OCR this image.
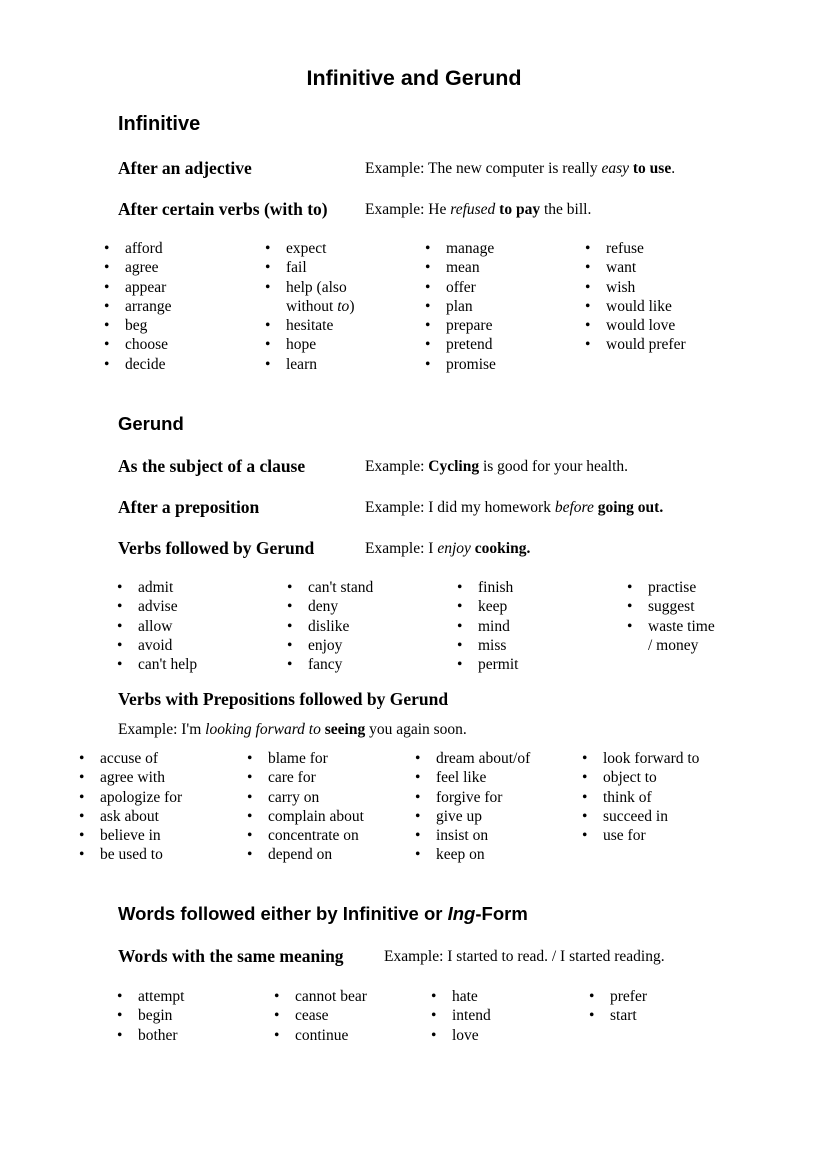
Infinitive and Gerund
Infinitive
After an adjective	Example: The new computer is really easy to use.
After certain verbs (with to) Example: He refused to pay the bill.
• afford
• agree
• appear
• arrange
• beg
• choose
• decide
• expect
• fail
• help (also
without to)
• hesitate
• hope
• learn
• manage
• mean
• offer
• plan
• prepare
• pretend
• promise
• refuse
• want
• wish
• would like
• would love
• would prefer
Gerund
As the subject of a clause	Example: Cycling is good for your health.
After a preposition	Example: I did my homework before going out.
Verbs followed by Gerund	Example: I enjoy cooking.
• admit
• advise
• allow
• avoid
• can't help
• can't stand
• deny
• dislike
• enjoy
• fancy
• finish
• keep
• mind
• miss
• permit
• practise
• suggest
• waste time
/ money
Verbs with Prepositions followed by Gerund
Example: I'm looking forward to seeing you again soon.
• accuse of
• agree with
• apologize for
• ask about
• believe in
• be used to
• blame for
• care for
• carry on
• complain about
• concentrate on
• depend on
• dream about/of
• feel like
• forgive for
• give up
• insist on
• keep on
• look forward to
• object to
• think of
• succeed in
• use for
Words followed either by Infinitive or Ing-Form
Words with the same meaning	Example: I started to read. / I started reading.
• attempt
• begin
• bother
• cannot bear
• cease
• continue
• hate
• intend
• love
• prefer
• start
